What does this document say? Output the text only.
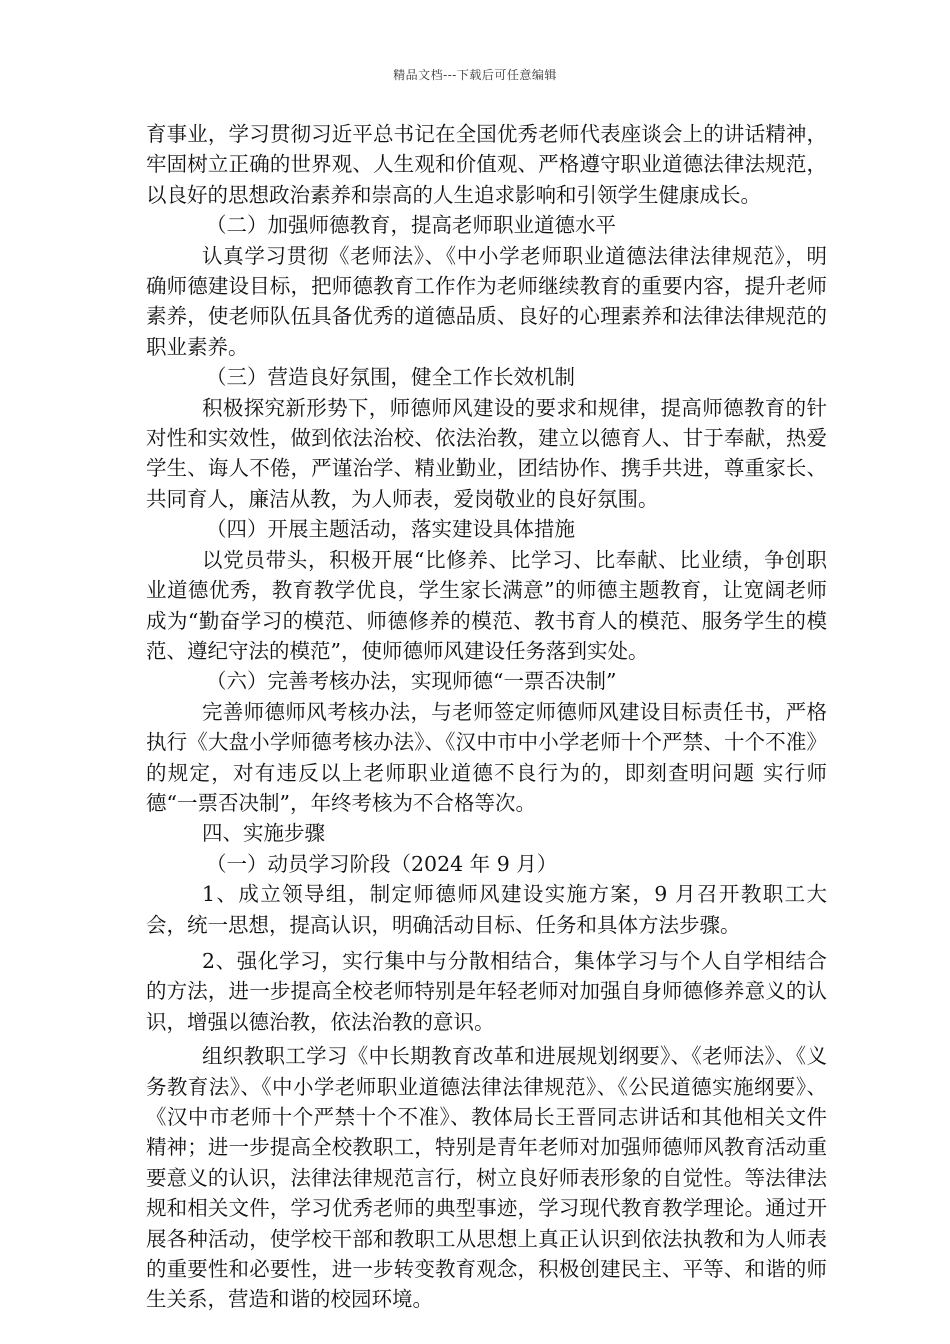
精品文档---下载后可任意编辑

育事业，学习贯彻习近平总书记在全国优秀老师代表座谈会上的讲话精神，牢固树立正确的世界观、人生观和价值观、严格遵守职业道德法律法规范，以良好的思想政治素养和崇高的人生追求影响和引领学生健康成长。

（二）加强师德教育，提高老师职业道德水平

认真学习贯彻《老师法》、《中小学老师职业道德法律法律规范》，明确师德建设目标，把师德教育工作作为老师继续教育的重要内容，提升老师素养，使老师队伍具备优秀的道德品质、良好的心理素养和法律法律规范的职业素养。

（三）营造良好氛围，健全工作长效机制

积极探究新形势下，师德师风建设的要求和规律，提高师德教育的针对性和实效性，做到依法治校、依法治教，建立以德育人、甘于奉献，热爱学生、诲人不倦，严谨治学、精业勤业，团结协作、携手共进，尊重家长、共同育人，廉洁从教，为人师表，爱岗敬业的良好氛围。

（四）开展主题活动，落实建设具体措施

以党员带头，积极开展“比修养、比学习、比奉献、比业绩，争创职业道德优秀，教育教学优良，学生家长满意”的师德主题教育，让宽阔老师成为“勤奋学习的模范、师德修养的模范、教书育人的模范、服务学生的模范、遵纪守法的模范”，使师德师风建设任务落到实处。

（六）完善考核办法，实现师德“一票否决制”

完善师德师风考核办法，与老师签定师德师风建设目标责任书，严格执行《大盘小学师德考核办法》、《汉中市中小学老师十个严禁、十个不准》的规定，对有违反以上老师职业道德不良行为的，即刻查明问题 实行师德“一票否决制”，年终考核为不合格等次。

四、实施步骤

（一）动员学习阶段（2024 年 9 月）

1、成立领导组，制定师德师风建设实施方案，9 月召开教职工大会，统一思想，提高认识，明确活动目标、任务和具体方法步骤。

2、强化学习，实行集中与分散相结合，集体学习与个人自学相结合的方法，进一步提高全校老师特别是年轻老师对加强自身师德修养意义的认识，增强以德治教，依法治教的意识。

组织教职工学习《中长期教育改革和进展规划纲要》、《老师法》、《义务教育法》、《中小学老师职业道德法律法律规范》、《公民道德实施纲要》、《汉中市老师十个严禁十个不准》、教体局长王晋同志讲话和其他相关文件精神；进一步提高全校教职工，特别是青年老师对加强师德师风教育活动重要意义的认识，法律法律规范言行，树立良好师表形象的自觉性。等法律法规和相关文件，学习优秀老师的典型事迹，学习现代教育教学理论。通过开展各种活动，使学校干部和教职工从思想上真正认识到依法执教和为人师表的重要性和必要性，进一步转变教育观念，积极创建民主、平等、和谐的师生关系，营造和谐的校园环境。
